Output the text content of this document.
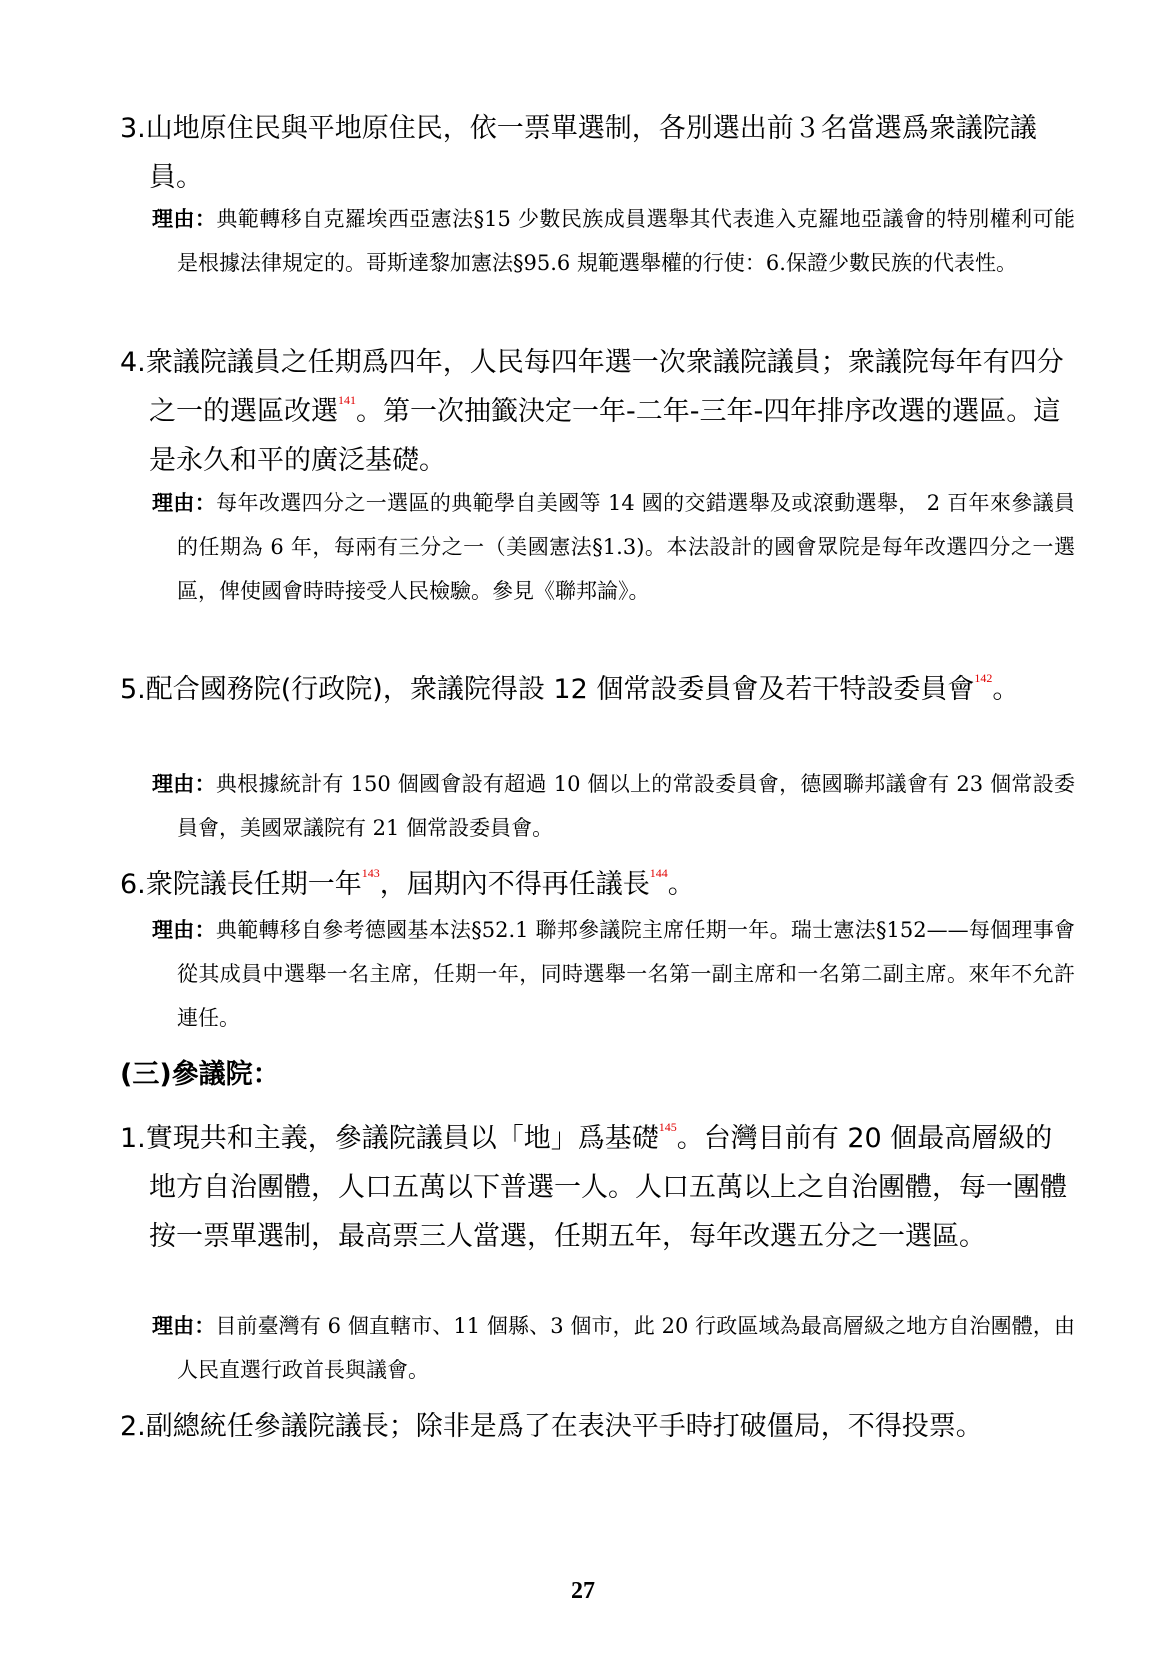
3.山地原住民與平地原住民，依一票單選制，各別選出前３名當選爲衆議院議員。

理由：典範轉移自克羅埃西亞憲法§15 少數民族成員選舉其代表進入克羅地亞議會的特別權利可能是根據法律規定的。哥斯達黎加憲法§95.6 規範選舉權的行使：6.保證少數民族的代表性。

4.衆議院議員之任期爲四年，人民每四年選一次衆議院議員；衆議院每年有四分之一的選區改選$^{141}$。第一次抽籤決定一年-二年-三年-四年排序改選的選區。這是永久和平的廣泛基礎。

理由：每年改選四分之一選區的典範學自美國等 14 國的交錯選舉及或滾動選舉， 2 百年來參議員的任期為 6 年，每兩有三分之一（美國憲法§1.3)。本法設計的國會眾院是每年改選四分之一選區，俾使國會時時接受人民檢驗。參見《聯邦論》。

5.配合國務院(行政院)，衆議院得設 12 個常設委員會及若干特設委員會$^{142}$。

理由：典根據統計有 150 個國會設有超過 10 個以上的常設委員會，德國聯邦議會有 23 個常設委員會，美國眾議院有 21 個常設委員會。

6.衆院議長任期一年$^{143}$，屆期內不得再任議長$^{144}$。

理由：典範轉移自參考德國基本法§52.1 聯邦參議院主席任期一年。瑞士憲法§152——每個理事會從其成員中選舉一名主席，任期一年，同時選舉一名第一副主席和一名第二副主席。來年不允許連任。

(三)參議院：

1.實現共和主義，參議院議員以「地」爲基礎$^{145}$。台灣目前有 20 個最高層級的地方自治團體，人口五萬以下普選一人。人口五萬以上之自治團體，每一團體按一票單選制，最高票三人當選，任期五年，每年改選五分之一選區。

理由：目前臺灣有 6 個直轄市、11 個縣、3 個市，此 20 行政區域為最高層級之地方自治團體，由人民直選行政首長與議會。

2.副總統任參議院議長；除非是爲了在表決平手時打破僵局，不得投票。

27
